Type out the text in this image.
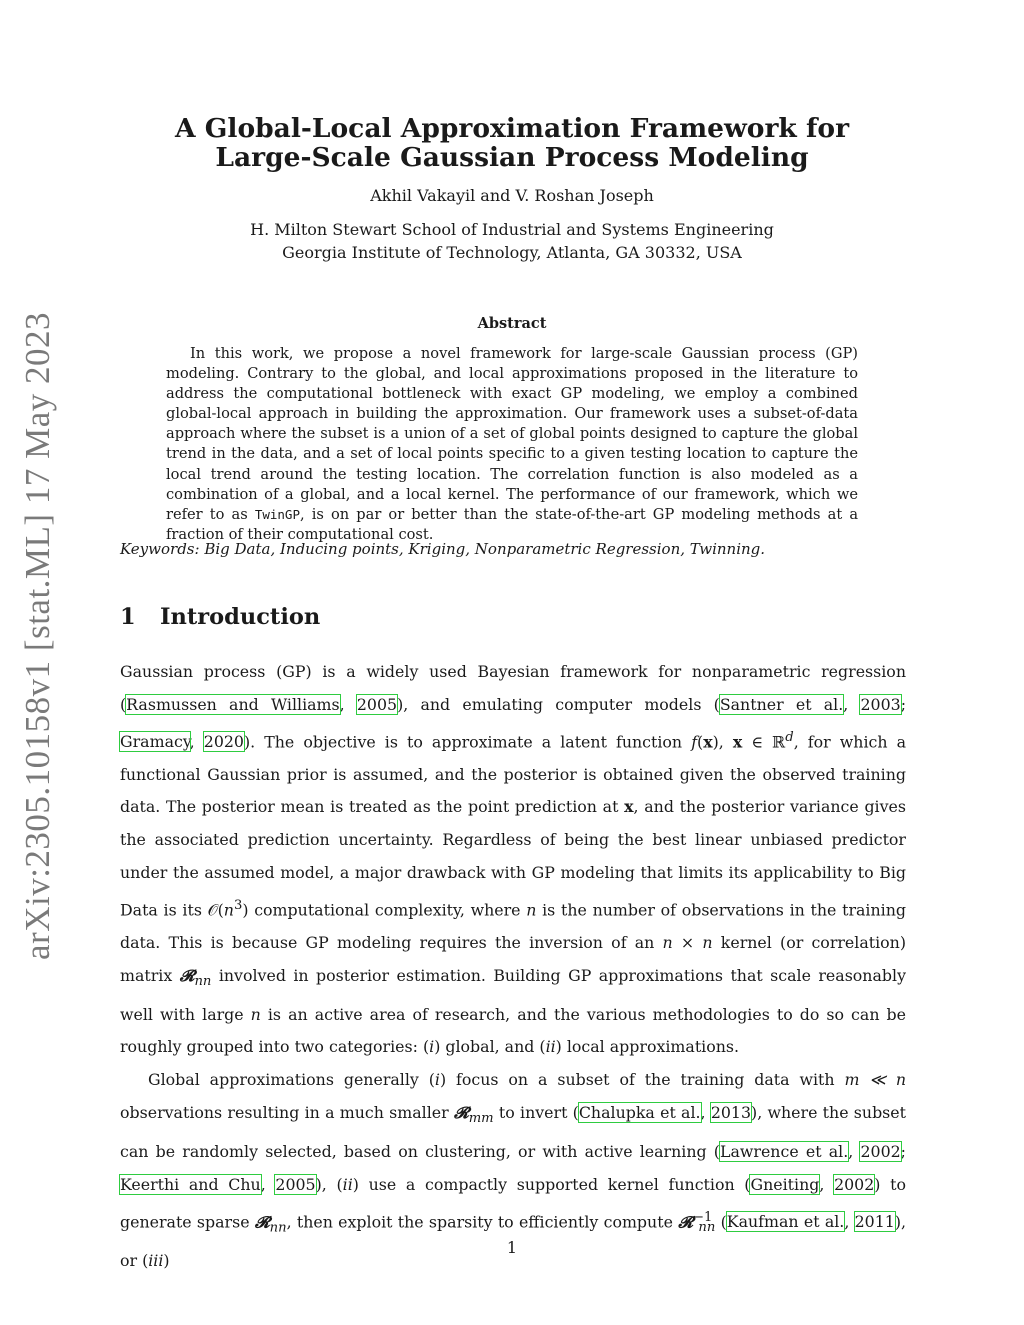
arXiv:2305.10158v1 [stat.ML] 17 May 2023
A Global-Local Approximation Framework for
Large-Scale Gaussian Process Modeling
Akhil Vakayil and V. Roshan Joseph
H. Milton Stewart School of Industrial and Systems Engineering
Georgia Institute of Technology, Atlanta, GA 30332, USA
Abstract
In this work, we propose a novel framework for large-scale Gaussian process (GP) modeling. Contrary to the global, and local approximations proposed in the literature to address the computational bottleneck with exact GP modeling, we employ a combined global-local approach in building the approximation. Our framework uses a subset-of-data approach where the subset is a union of a set of global points designed to capture the global trend in the data, and a set of local points specific to a given testing location to capture the local trend around the testing location. The correlation function is also modeled as a combination of a global, and a local kernel. The performance of our framework, which we refer to as TwinGP, is on par or better than the state-of-the-art GP modeling methods at a fraction of their computational cost.
Keywords: Big Data, Inducing points, Kriging, Nonparametric Regression, Twinning.
1 Introduction

Gaussian process (GP) is a widely used Bayesian framework for nonparametric regression (Rasmussen and Williams, 2005), and emulating computer models (Santner et al., 2003; Gramacy, 2020). The objective is to approximate a latent function f(x), x ∈ ℝ$^d$, for which a functional Gaussian prior is assumed, and the posterior is obtained given the observed training data. The posterior mean is treated as the point prediction at x, and the posterior variance gives the associated prediction uncertainty. Regardless of being the best linear unbiased predictor under the assumed model, a major drawback with GP modeling that limits its applicability to Big Data is its $𝒪(n^3)$ computational complexity, where n is the number of observations in the training data. This is because GP modeling requires the inversion of an n × n kernel (or correlation) matrix 𝓡$_{nn}$ involved in posterior estimation. Building GP approximations that scale reasonably well with large n is an active area of research, and the various methodologies to do so can be roughly grouped into two categories: (i) global, and (ii) local approximations.

Global approximations generally (i) focus on a subset of the training data with m ≪ n observations resulting in a much smaller 𝓡$_{mm}$ to invert (Chalupka et al., 2013), where the subset can be randomly selected, based on clustering, or with active learning (Lawrence et al., 2002; Keerthi and Chu, 2005), (ii) use a compactly supported kernel function (Gneiting, 2002) to generate sparse 𝓡$_{nn}$, then exploit the sparsity to efficiently compute 𝓡$^{-1}_{nn}$ (Kaufman et al., 2011), or (iii)

1
